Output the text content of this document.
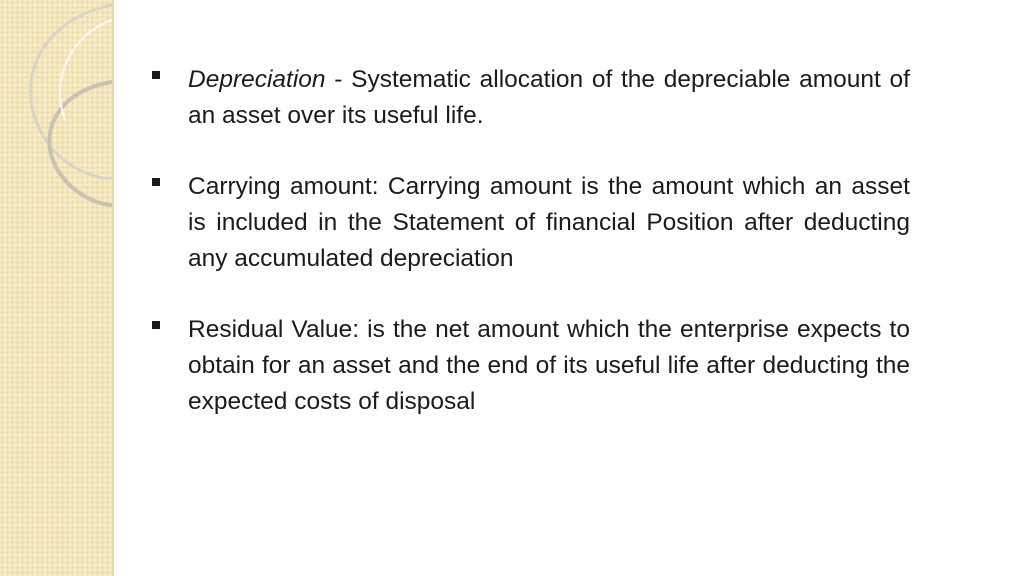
Depreciation - Systematic allocation of the depreciable amount of an asset over its useful life.
Carrying amount: Carrying amount is the amount which an asset is included in the Statement of financial Position after deducting any accumulated depreciation
Residual Value: is the net amount which the enterprise expects to obtain for an asset and the end of its useful life after deducting the expected costs of disposal
